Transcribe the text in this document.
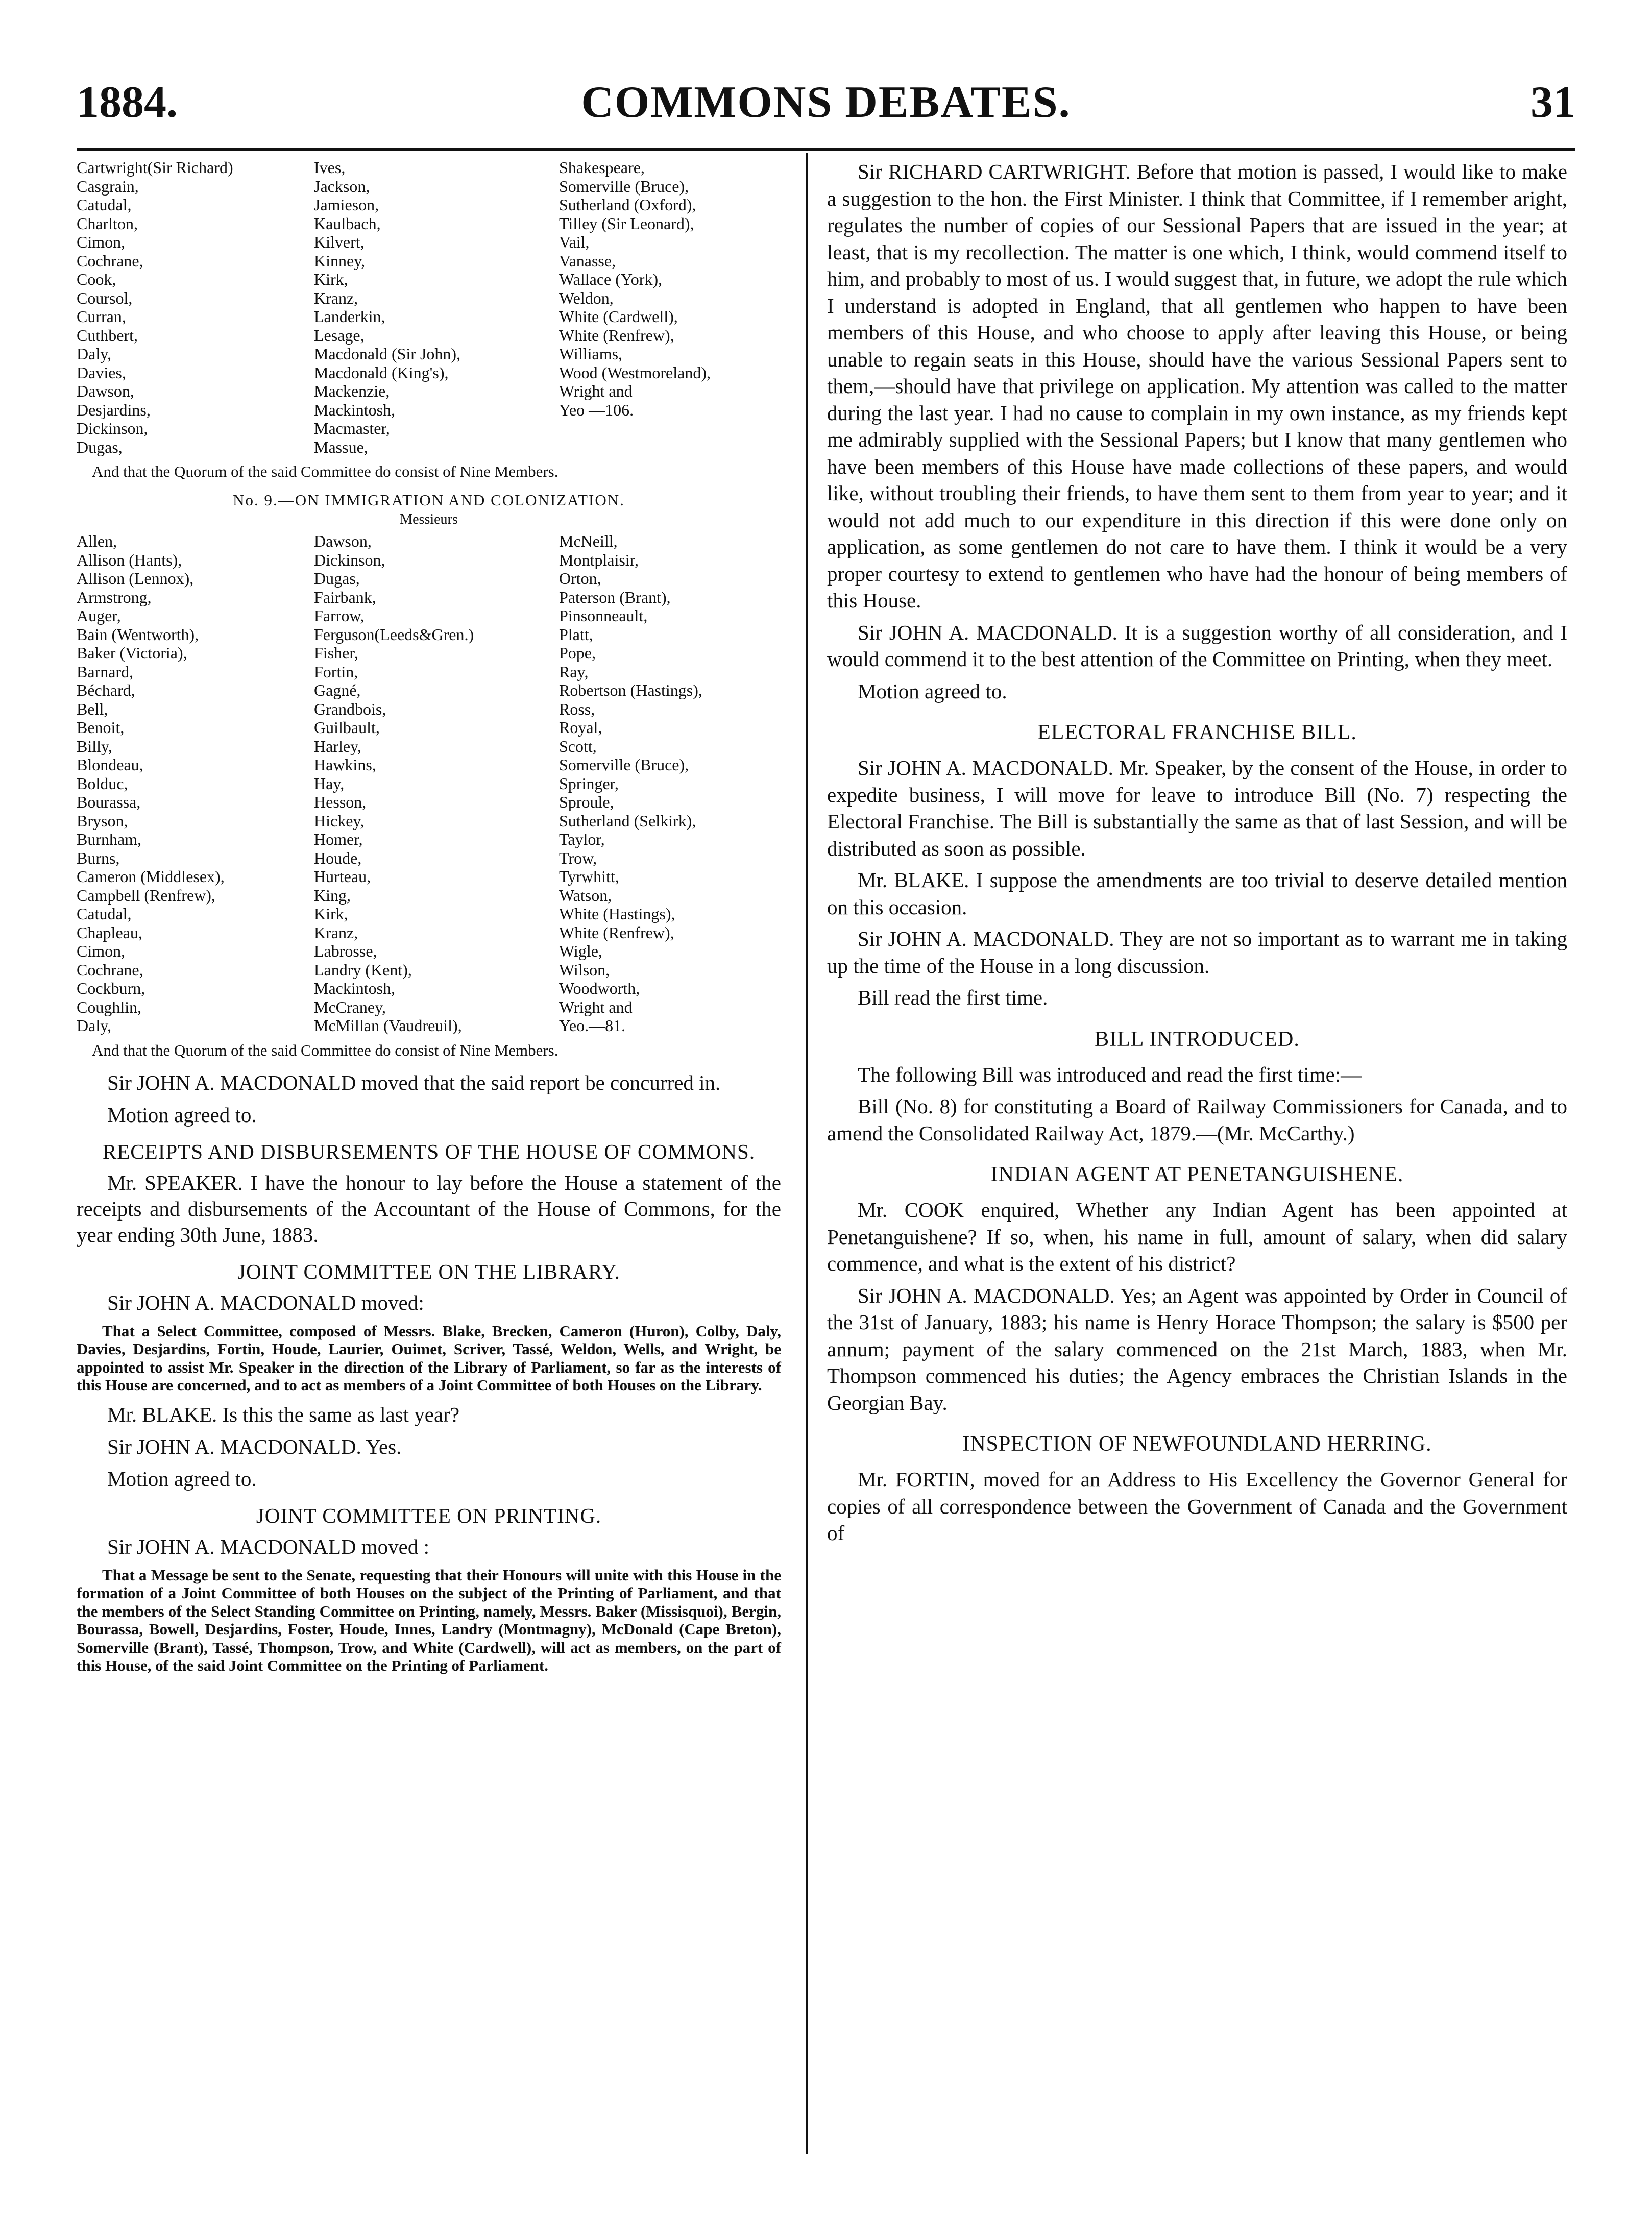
1884.	COMMONS DEBATES.	31
Cartwright(Sir Richard)	Ives,	Shakespeare,
Casgrain,	Jackson,	Somerville (Bruce),
Catudal,	Jamieson,	Sutherland (Oxford),
Charlton,	Kaulbach,	Tilley (Sir Leonard),
Cimon,	Kilvert,	Vail,
Cochrane,	Kinney,	Vanasse,
Cook,	Kirk,	Wallace (York),
Coursol,	Kranz,	Weldon,
Curran,	Landerkin,	White (Cardwell),
Cuthbert,	Lesage,	White (Renfrew),
Daly,	Macdonald (Sir John),	Williams,
Davies,	Macdonald (King's),	Wood (Westmoreland),
Dawson,	Mackenzie,	Wright and
Desjardins,	Mackintosh,	Yeo —106.
Dickinson,	Macmaster,
Dugas,	Massue,

And that the Quorum of the said Committee do consist of Nine Members.

No. 9.—ON IMMIGRATION AND COLONIZATION.

Messieurs

Allen,	Dawson,	McNeill,
Allison (Hants),	Dickinson,	Montplaisir,
Allison (Lennox),	Dugas,	Orton,
Armstrong,	Fairbank,	Paterson (Brant),
Auger,	Farrow,	Pinsonneault,
Bain (Wentworth),	Ferguson(Leeds&Gren.)	Platt,
Baker (Victoria),	Fisher,	Pope,
Barnard,	Fortin,	Ray,
Béchard,	Gagné,	Robertson (Hastings),
Bell,	Grandbois,	Ross,
Benoit,	Guilbault,	Royal,
Billy,	Harley,	Scott,
Blondeau,	Hawkins,	Somerville (Bruce),
Bolduc,	Hay,	Springer,
Bourassa,	Hesson,	Sproule,
Bryson,	Hickey,	Sutherland (Selkirk),
Burnham,	Homer,	Taylor,
Burns,	Houde,	Trow,
Cameron (Middlesex),	Hurteau,	Tyrwhitt,
Campbell (Renfrew),	King,	Watson,
Catudal,	Kirk,	White (Hastings),
Chapleau,	Kranz,	White (Renfrew),
Cimon,	Labrosse,	Wigle,
Cochrane,	Landry (Kent),	Wilson,
Cockburn,	Mackintosh,	Woodworth,
Coughlin,	McCraney,	Wright and
Daly,	McMillan (Vaudreuil),	Yeo.—81.

And that the Quorum of the said Committee do consist of Nine Members.

Sir JOHN A. MACDONALD moved that the said report be concurred in.

Motion agreed to.

RECEIPTS AND DISBURSEMENTS OF THE HOUSE OF COMMONS.

Mr. SPEAKER. I have the honour to lay before the House a statement of the receipts and disbursements of the Accountant of the House of Commons, for the year ending 30th June, 1883.

JOINT COMMITTEE ON THE LIBRARY.

Sir JOHN A. MACDONALD moved:

That a Select Committee, composed of Messrs. Blake, Brecken, Cameron (Huron), Colby, Daly, Davies, Desjardins, Fortin, Houde, Laurier, Ouimet, Scriver, Tassé, Weldon, Wells, and Wright, be appointed to assist Mr. Speaker in the direction of the Library of Parliament, so far as the interests of this House are concerned, and to act as members of a Joint Committee of both Houses on the Library.

Mr. BLAKE. Is this the same as last year?

Sir JOHN A. MACDONALD. Yes.

Motion agreed to.

JOINT COMMITTEE ON PRINTING.

Sir JOHN A. MACDONALD moved :

That a Message be sent to the Senate, requesting that their Honours will unite with this House in the formation of a Joint Committee of both Houses on the subject of the Printing of Parliament, and that the members of the Select Standing Committee on Printing, namely, Messrs. Baker (Missisquoi), Bergin, Bourassa, Bowell, Desjardins, Foster, Houde, Innes, Landry (Montmagny), McDonald (Cape Breton), Somerville (Brant), Tassé, Thompson, Trow, and White (Cardwell), will act as members, on the part of this House, of the said Joint Committee on the Printing of Parliament.

Sir RICHARD CARTWRIGHT. Before that motion is passed, I would like to make a suggestion to the hon. the First Minister. I think that Committee, if I remember aright, regulates the number of copies of our Sessional Papers that are issued in the year; at least, that is my recollection. The matter is one which, I think, would commend itself to him, and probably to most of us. I would suggest that, in future, we adopt the rule which I understand is adopted in England, that all gentlemen who happen to have been members of this House, and who choose to apply after leaving this House, or being unable to regain seats in this House, should have the various Sessional Papers sent to them,—should have that privilege on application. My attention was called to the matter during the last year. I had no cause to complain in my own instance, as my friends kept me admirably supplied with the Sessional Papers; but I know that many gentlemen who have been members of this House have made collections of these papers, and would like, without troubling their friends, to have them sent to them from year to year; and it would not add much to our expenditure in this direction if this were done only on application, as some gentlemen do not care to have them. I think it would be a very proper courtesy to extend to gentlemen who have had the honour of being members of this House.

Sir JOHN A. MACDONALD. It is a suggestion worthy of all consideration, and I would commend it to the best attention of the Committee on Printing, when they meet.

Motion agreed to.

ELECTORAL FRANCHISE BILL.

Sir JOHN A. MACDONALD. Mr. Speaker, by the consent of the House, in order to expedite business, I will move for leave to introduce Bill (No. 7) respecting the Electoral Franchise. The Bill is substantially the same as that of last Session, and will be distributed as soon as possible.

Mr. BLAKE. I suppose the amendments are too trivial to deserve detailed mention on this occasion.

Sir JOHN A. MACDONALD. They are not so important as to warrant me in taking up the time of the House in a long discussion.

Bill read the first time.

BILL INTRODUCED.

The following Bill was introduced and read the first time:—

Bill (No. 8) for constituting a Board of Railway Commissioners for Canada, and to amend the Consolidated Railway Act, 1879.—(Mr. McCarthy.)

INDIAN AGENT AT PENETANGUISHENE.

Mr. COOK enquired, Whether any Indian Agent has been appointed at Penetanguishene? If so, when, his name in full, amount of salary, when did salary commence, and what is the extent of his district?

Sir JOHN A. MACDONALD. Yes; an Agent was appointed by Order in Council of the 31st of January, 1883; his name is Henry Horace Thompson; the salary is $500 per annum; payment of the salary commenced on the 21st March, 1883, when Mr. Thompson commenced his duties; the Agency embraces the Christian Islands in the Georgian Bay.

INSPECTION OF NEWFOUNDLAND HERRING.

Mr. FORTIN, moved for an Address to His Excellency the Governor General for copies of all correspondence between the Government of Canada and the Government of
